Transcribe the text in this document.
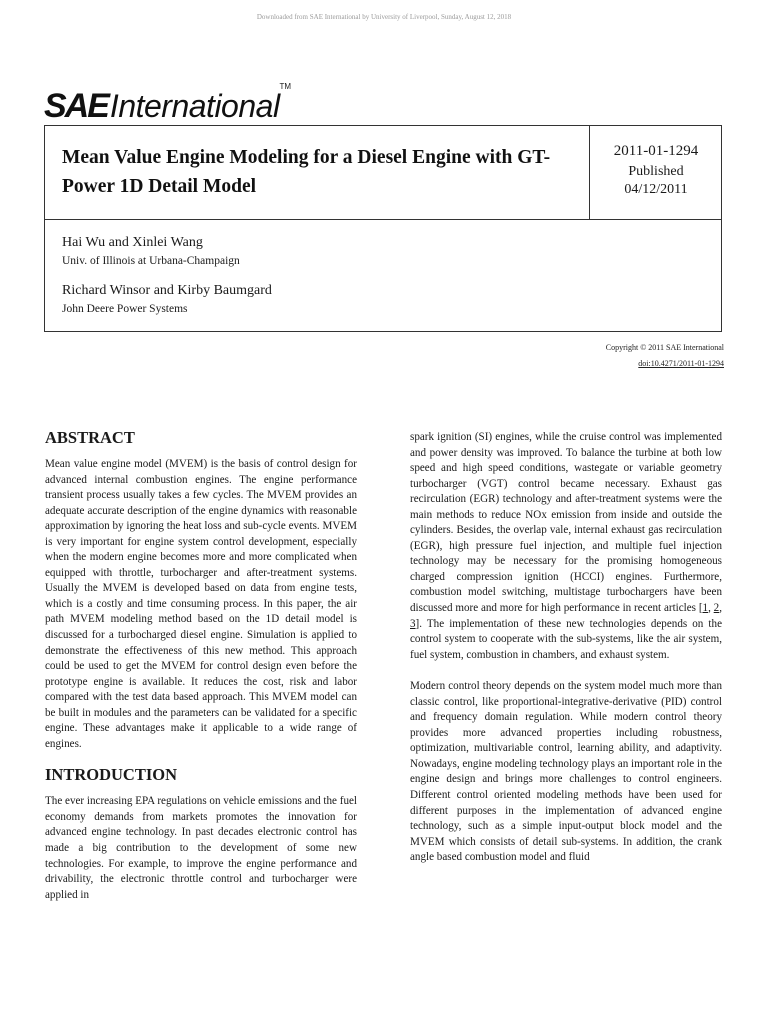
Downloaded from SAE International by University of Liverpool, Sunday, August 12, 2018
SAE International
TM
Mean Value Engine Modeling for a Diesel Engine with GT-Power 1D Detail Model
2011-01-1294
Published
04/12/2011
Hai Wu and Xinlei Wang
Univ. of Illinois at Urbana-Champaign
Richard Winsor and Kirby Baumgard
John Deere Power Systems
Copyright © 2011 SAE International
doi:10.4271/2011-01-1294
ABSTRACT

Mean value engine model (MVEM) is the basis of control design for advanced internal combustion engines. The engine performance transient process usually takes a few cycles. The MVEM provides an adequate accurate description of the engine dynamics with reasonable approximation by ignoring the heat loss and sub-cycle events. MVEM is very important for engine system control development, especially when the modern engine becomes more and more complicated when equipped with throttle, turbocharger and after-treatment systems. Usually the MVEM is developed based on data from engine tests, which is a costly and time consuming process. In this paper, the air path MVEM modeling method based on the 1D detail model is discussed for a turbocharged diesel engine. Simulation is applied to demonstrate the effectiveness of this new method. This approach could be used to get the MVEM for control design even before the prototype engine is available. It reduces the cost, risk and labor compared with the test data based approach. This MVEM model can be built in modules and the parameters can be validated for a specific engine. These advantages make it applicable to a wide range of engines.

INTRODUCTION

The ever increasing EPA regulations on vehicle emissions and the fuel economy demands from markets promotes the innovation for advanced engine technology. In past decades electronic control has made a big contribution to the development of some new technologies. For example, to improve the engine performance and drivability, the electronic throttle control and turbocharger were applied in

spark ignition (SI) engines, while the cruise control was implemented and power density was improved. To balance the turbine at both low speed and high speed conditions, wastegate or variable geometry turbocharger (VGT) control became necessary. Exhaust gas recirculation (EGR) technology and after-treatment systems were the main methods to reduce NOx emission from inside and outside the cylinders. Besides, the overlap vale, internal exhaust gas recirculation (EGR), high pressure fuel injection, and multiple fuel injection technology may be necessary for the promising homogeneous charged compression ignition (HCCI) engines. Furthermore, combustion model switching, multistage turbochargers have been discussed more and more for high performance in recent articles [1, 2, 3]. The implementation of these new technologies depends on the control system to cooperate with the sub-systems, like the air system, fuel system, combustion in chambers, and exhaust system.

Modern control theory depends on the system model much more than classic control, like proportional-integrative-derivative (PID) control and frequency domain regulation. While modern control theory provides more advanced properties including robustness, optimization, multivariable control, learning ability, and adaptivity. Nowadays, engine modeling technology plays an important role in the engine design and brings more challenges to control engineers. Different control oriented modeling methods have been used for different purposes in the implementation of advanced engine technology, such as a simple input-output block model and the MVEM which consists of detail sub-systems. In addition, the crank angle based combustion model and fluid
